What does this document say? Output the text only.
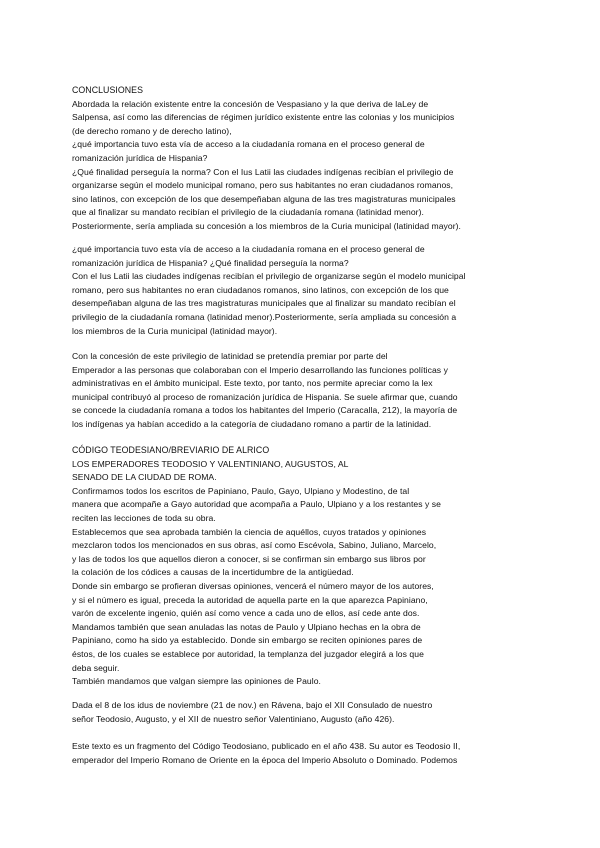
CONCLUSIONES
Abordada la relación existente entre la concesión de Vespasiano y la que deriva de laLey de
Salpensa, así como las diferencias de régimen jurídico existente entre las colonias y los municipios
(de derecho romano y de derecho latino),
¿qué importancia tuvo esta vía de acceso a la ciudadanía romana en el proceso general de
romanización jurídica de Hispania?
¿Qué finalidad perseguía la norma? Con el Ius Latii las ciudades indígenas recibían el privilegio de
organizarse según el modelo municipal romano, pero sus habitantes no eran ciudadanos romanos,
sino latinos, con excepción de los que desempeñaban alguna de las tres magistraturas municipales
que al finalizar su mandato recibían el privilegio de la ciudadanía romana (latinidad menor).
Posteriormente, sería ampliada su concesión a los miembros de la Curia municipal (latinidad mayor).
¿qué importancia tuvo esta vía de acceso a la ciudadanía romana en el proceso general de
romanización jurídica de Hispania? ¿Qué finalidad perseguía la norma?
Con el Ius Latii las ciudades indígenas recibían el privilegio de organizarse según el modelo municipal
romano, pero sus habitantes no eran ciudadanos romanos, sino latinos, con excepción de los que
desempeñaban alguna de las tres magistraturas municipales que al finalizar su mandato recibían el
privilegio de la ciudadanía romana (latinidad menor).Posteriormente, sería ampliada su concesión a
los miembros de la Curia municipal (latinidad mayor).
Con la concesión de este privilegio de latinidad se pretendía premiar por parte del
Emperador a las personas que colaboraban con el Imperio desarrollando las funciones políticas y
administrativas en el ámbito municipal. Este texto, por tanto, nos permite apreciar como la lex
municipal contribuyó al proceso de romanización jurídica de Hispania. Se suele afirmar que, cuando
se concede la ciudadanía romana a todos los habitantes del Imperio (Caracalla, 212), la mayoría de
los indígenas ya habían accedido a la categoría de ciudadano romano a partir de la latinidad.
CÓDIGO TEODESIANO/BREVIARIO DE ALRICO
LOS EMPERADORES TEODOSIO Y VALENTINIANO, AUGUSTOS, AL
SENADO DE LA CIUDAD DE ROMA.
Confirmamos todos los escritos de Papiniano, Paulo, Gayo, Ulpiano y Modestino, de tal
manera que acompañe a Gayo autoridad que acompaña a Paulo, Ulpiano y a los restantes y se
reciten las lecciones de toda su obra.
Establecemos que sea aprobada también la ciencia de aquéllos, cuyos tratados y opiniones
mezclaron todos los mencionados en sus obras, así como Escévola, Sabino, Juliano, Marcelo,
y las de todos los que aquellos dieron a conocer, si se confirman sin embargo sus libros por
la colación de los códices a causas de la incertidumbre de la antigüedad.
Donde sin embargo se profieran diversas opiniones, vencerá el número mayor de los autores,
y si el número es igual, preceda la autoridad de aquella parte en la que aparezca Papiniano,
varón de excelente ingenio, quién así como vence a cada uno de ellos, así cede ante dos.
Mandamos también que sean anuladas las notas de Paulo y Ulpiano hechas en la obra de
Papiniano, como ha sido ya establecido. Donde sin embargo se reciten opiniones pares de
éstos, de los cuales se establece por autoridad, la templanza del juzgador elegirá a los que
deba seguir.
También mandamos que valgan siempre las opiniones de Paulo.
Dada el 8 de los idus de noviembre (21 de nov.) en Rávena, bajo el XII Consulado de nuestro
señor Teodosio, Augusto, y el XII de nuestro señor Valentiniano, Augusto (año 426).
Este texto es un fragmento del Código Teodosiano, publicado en el año 438. Su autor es Teodosio II,
emperador del Imperio Romano de Oriente en la época del Imperio Absoluto o Dominado. Podemos
